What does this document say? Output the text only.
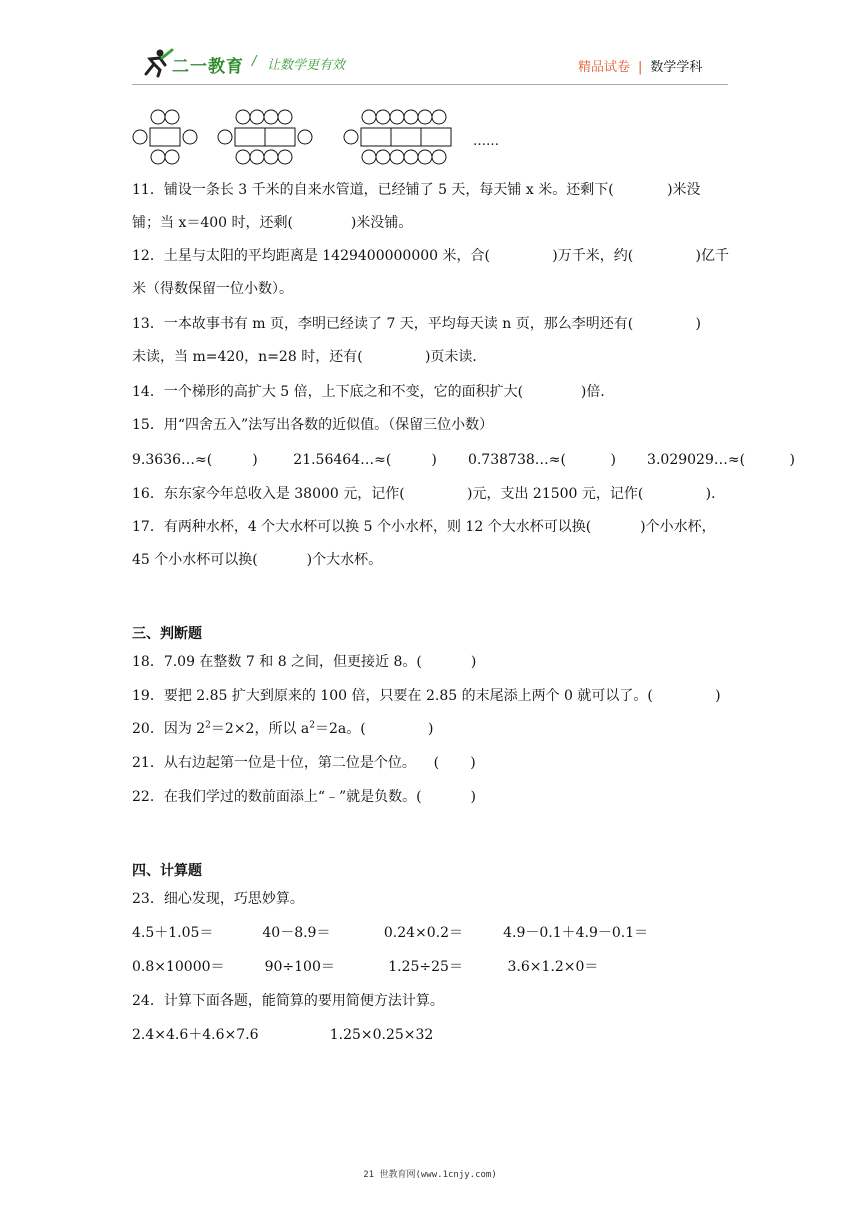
二一教育 / 让数学更有效	精品试卷 | 数学学科
……
11．铺设一条长 3 千米的自来水管道，已经铺了 5 天，每天铺 x 米。还剩下(            )米没
铺；当 x＝400 时，还剩(             )米没铺。
12．土星与太阳的平均距离是 1429400000000 米，合(              )万千米，约(              )亿千
米（得数保留一位小数）。
13．一本故事书有 m 页，李明已经读了 7 天，平均每天读 n 页，那么李明还有(              )
未读，当 m=420，n=28 时，还有(              )页未读．
14．一个梯形的高扩大 5 倍，上下底之和不变，它的面积扩大(             )倍．
15．用“四舍五入”法写出各数的近似值。（保留三位小数）
9.3636…≈(         )        21.56464…≈(         )       0.738738…≈(          )       3.029029…≈(          )
16．东东家今年总收入是 38000 元，记作(              )元，支出 21500 元，记作(              )．
17．有两种水杯，4 个大水杯可以换 5 个小水杯，则 12 个大水杯可以换(           )个小水杯，
45 个小水杯可以换(           )个大水杯。
三、判断题
18．7.09 在整数 7 和 8 之间，但更接近 8。(           )
19．要把 2.85 扩大到原来的 100 倍，只要在 2.85 的末尾添上两个 0 就可以了。(              )
20．因为 $2^2=2\times 2$，所以 $a^2=2a$。(              )
21．从右边起第一位是十位，第二位是个位。    (       )
22．在我们学过的数前面添上“﹣”就是负数。(           )
四、计算题
23．细心发现，巧思妙算。
4.5＋1.05＝           40－8.9＝            0.24×0.2＝         4.9－0.1＋4.9－0.1＝
0.8×10000＝         90÷100＝            1.25÷25＝          3.6×1.2×0＝
24．计算下面各题，能简算的要用简便方法计算。
2.4×4.6＋4.6×7.6                1.25×0.25×32
21 世教育网(www.1cnjy.com)
